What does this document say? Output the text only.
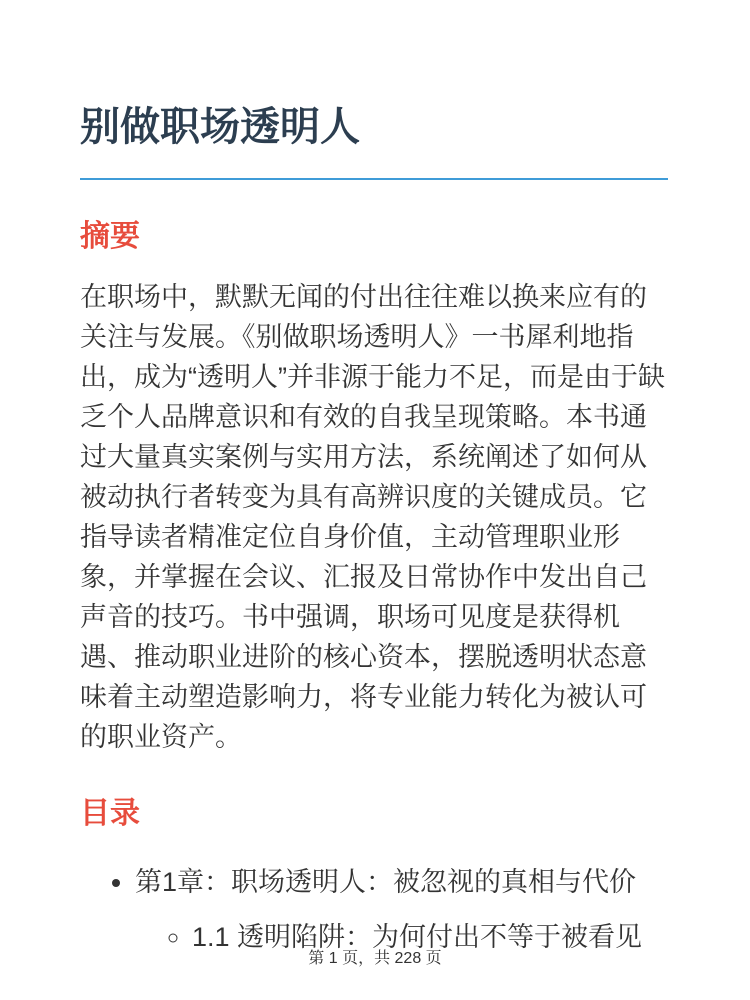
别做职场透明人
摘要

在职场中，默默无闻的付出往往难以换来应有的关注与发展。《别做职场透明人》一书犀利地指出，成为“透明人”并非源于能力不足，而是由于缺乏个人品牌意识和有效的自我呈现策略。本书通过大量真实案例与实用方法，系统阐述了如何从被动执行者转变为具有高辨识度的关键成员。它指导读者精准定位自身价值，主动管理职业形象，并掌握在会议、汇报及日常协作中发出自己声音的技巧。书中强调，职场可见度是获得机遇、推动职业进阶的核心资本，摆脱透明状态意味着主动塑造影响力，将专业能力转化为被认可的职业资产。

目录
• 第1章：职场透明人：被忽视的真相与代价
◦ 1.1 透明陷阱：为何付出不等于被看见
第 1 页，共 228 页
